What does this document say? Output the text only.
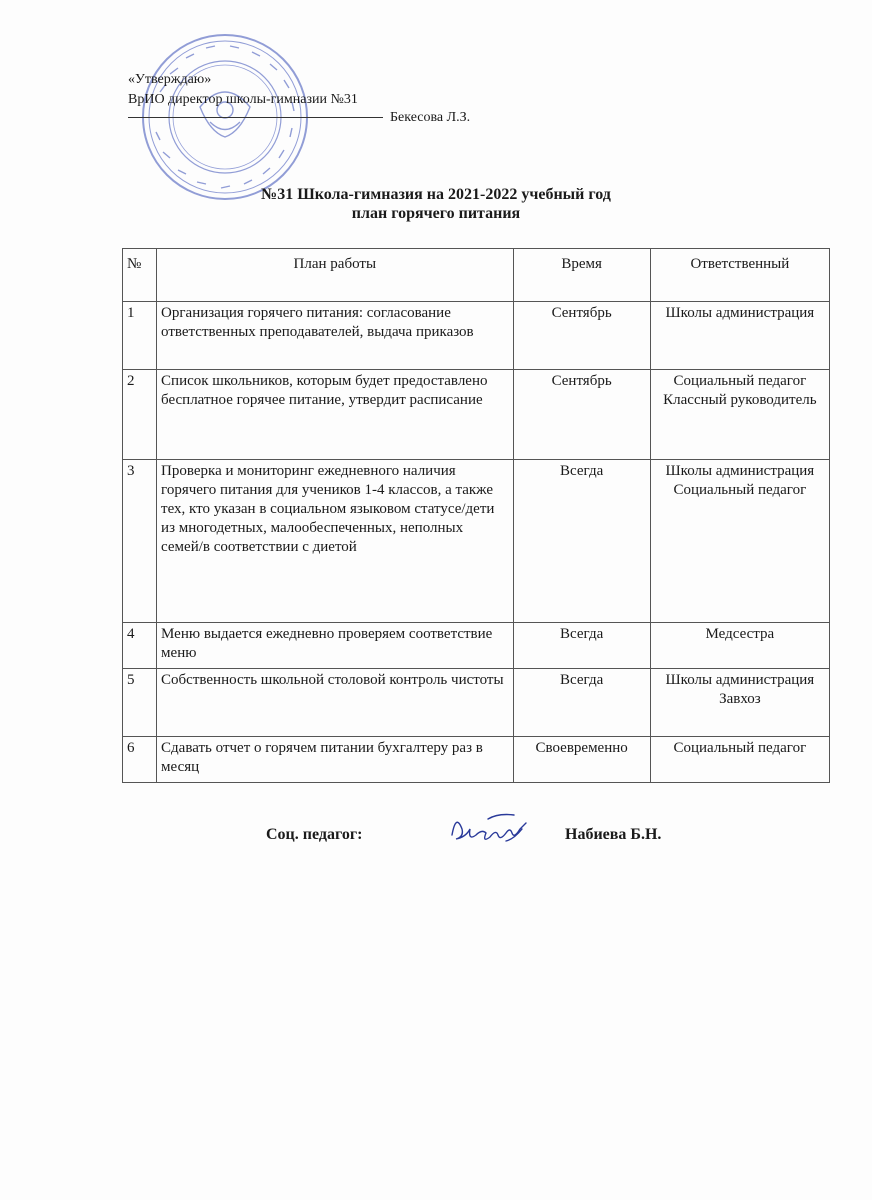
«Утверждаю»
ВрИО директор школы-гимназии №31
Бекесова Л.З.
№31 Школа-гимназия на 2021-2022 учебный год
план горячего питания
№	План работы	Время	Ответственный
1	Организация горячего питания: согласование ответственных преподавателей, выдача приказов	Сентябрь	Школы администрация
2	Список школьников, которым будет предоставлено бесплатное горячее питание, утвердит расписание	Сентябрь	Социальный педагог Классный руководитель
3	Проверка и мониторинг ежедневного наличия горячего питания для учеников 1-4 классов, а также тех, кто указан в социальном языковом статусе/дети из многодетных, малообеспеченных, неполных семей/в соответствии с диетой	Всегда	Школы администрация Социальный педагог
4	Меню выдается ежедневно проверяем соответствие меню	Всегда	Медсестра
5	Собственность школьной столовой контроль чистоты	Всегда	Школы администрация Завхоз
6	Сдавать отчет о горячем питании бухгалтеру раз в месяц	Своевременно	Социальный педагог
Соц. педагог:	Набиева Б.Н.
